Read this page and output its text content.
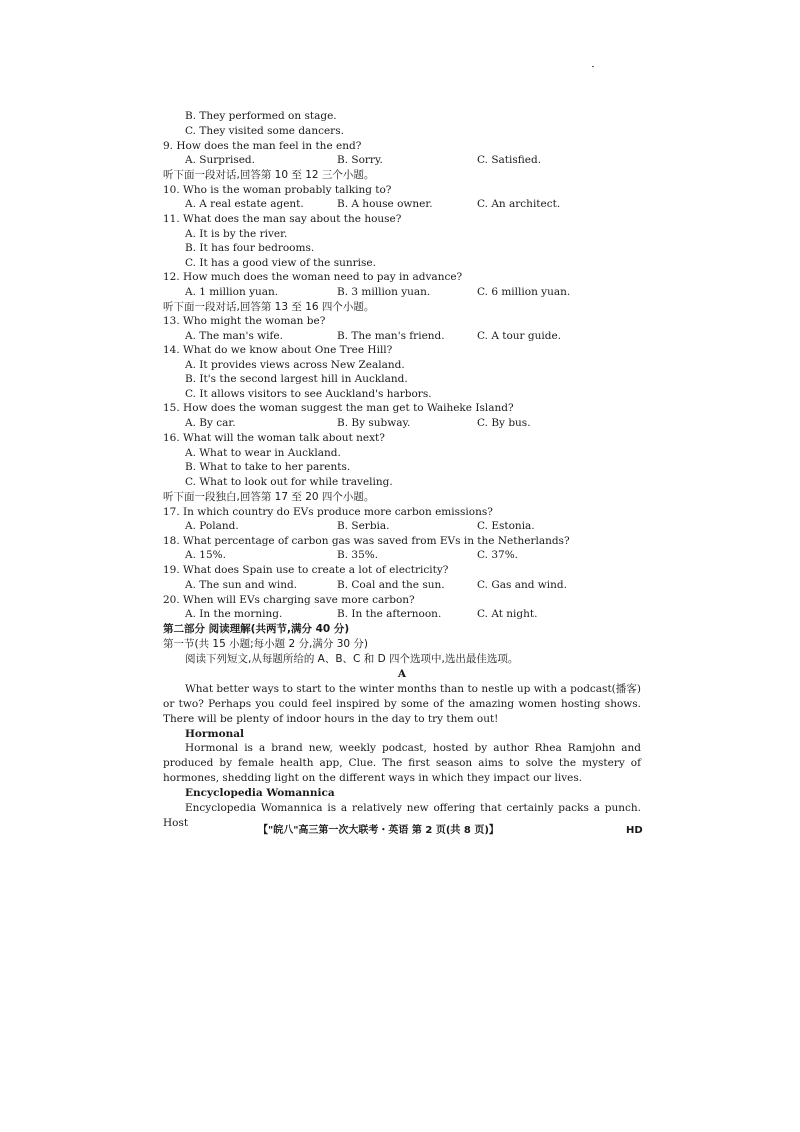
B. They performed on stage.
C. They visited some dancers.
9. How does the man feel in the end?
A. Surprised.	B. Sorry.	C. Satisfied.
听下面一段对话,回答第 10 至 12 三个小题。
10. Who is the woman probably talking to?
A. A real estate agent.	B. A house owner.	C. An architect.
11. What does the man say about the house?
A. It is by the river.
B. It has four bedrooms.
C. It has a good view of the sunrise.
12. How much does the woman need to pay in advance?
A. 1 million yuan.	B. 3 million yuan.	C. 6 million yuan.
听下面一段对话,回答第 13 至 16 四个小题。
13. Who might the woman be?
A. The man's wife.	B. The man's friend.	C. A tour guide.
14. What do we know about One Tree Hill?
A. It provides views across New Zealand.
B. It's the second largest hill in Auckland.
C. It allows visitors to see Auckland's harbors.
15. How does the woman suggest the man get to Waiheke Island?
A. By car.	B. By subway.	C. By bus.
16. What will the woman talk about next?
A. What to wear in Auckland.
B. What to take to her parents.
C. What to look out for while traveling.
听下面一段独白,回答第 17 至 20 四个小题。
17. In which country do EVs produce more carbon emissions?
A. Poland.	B. Serbia.	C. Estonia.
18. What percentage of carbon gas was saved from EVs in the Netherlands?
A. 15%.	B. 35%.	C. 37%.
19. What does Spain use to create a lot of electricity?
A. The sun and wind.	B. Coal and the sun.	C. Gas and wind.
20. When will EVs charging save more carbon?
A. In the morning.	B. In the afternoon.	C. At night.
第二部分 阅读理解(共两节,满分 40 分)
第一节(共 15 小题;每小题 2 分,满分 30 分)
阅读下列短文,从每题所给的 A、B、C 和 D 四个选项中,选出最佳选项。
A
What better ways to start to the winter months than to nestle up with a podcast(播客) or two? Perhaps you could feel inspired by some of the amazing women hosting shows. There will be plenty of indoor hours in the day to try them out!
Hormonal
Hormonal is a brand new, weekly podcast, hosted by author Rhea Ramjohn and produced by female health app, Clue. The first season aims to solve the mystery of hormones, shedding light on the different ways in which they impact our lives.
Encyclopedia Womannica
Encyclopedia Womannica is a relatively new offering that certainly packs a punch. Host
【"皖八"高三第一次大联考・英语 第 2 页(共 8 页)】	HD
